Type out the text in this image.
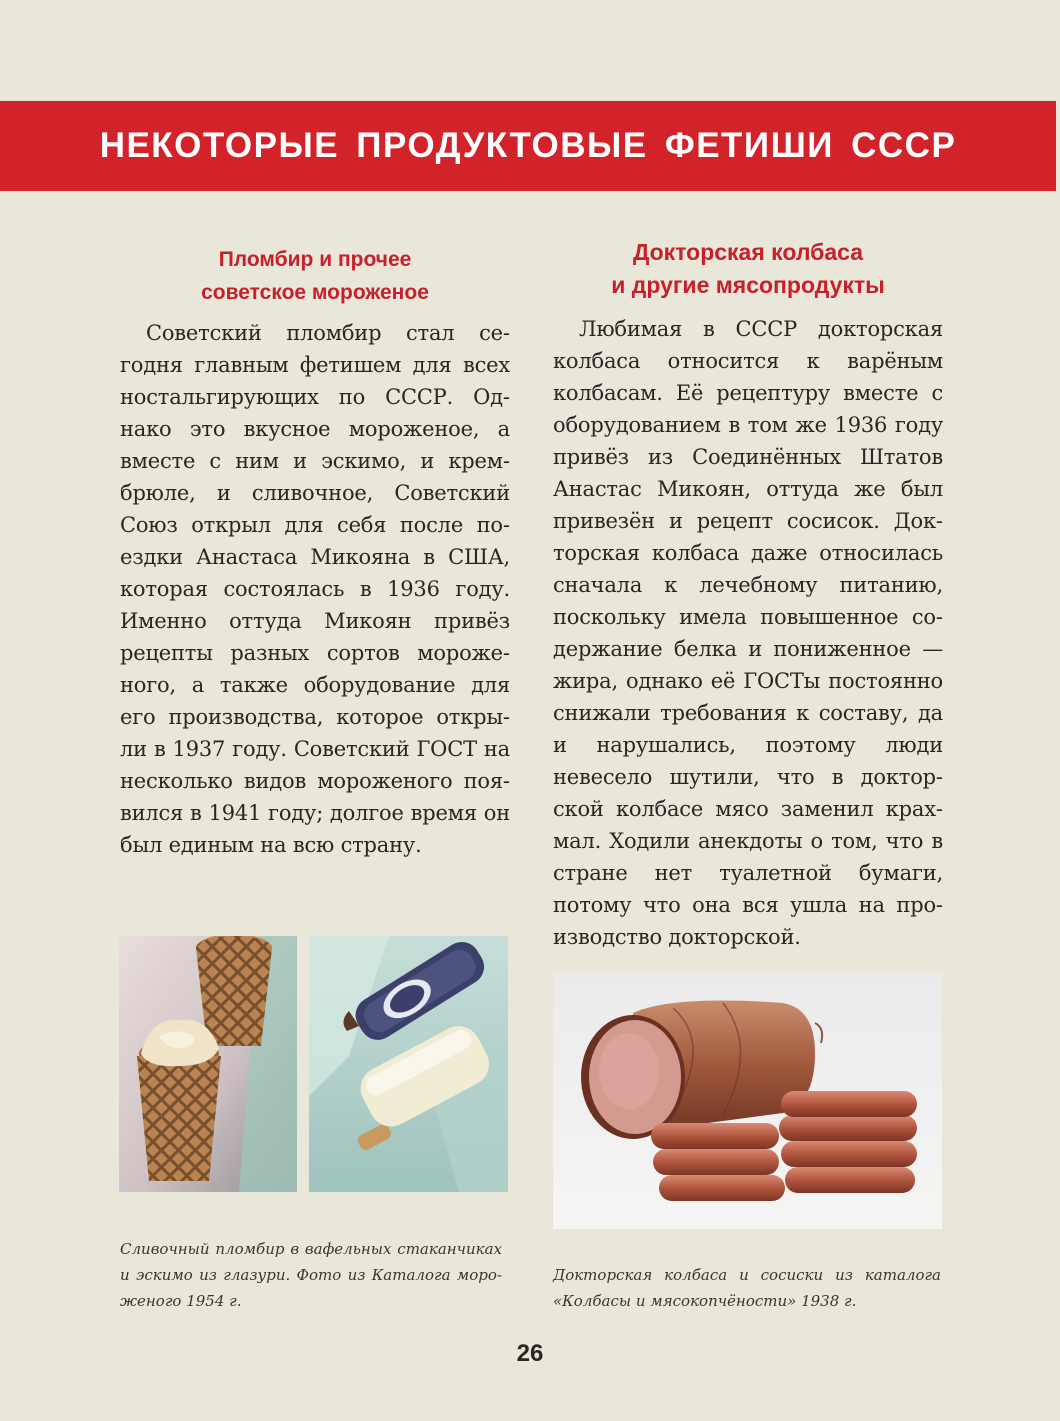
НЕКОТОРЫЕ ПРОДУКТОВЫЕ ФЕТИШИ СССР

Пломбир и прочее
советское мороженое

Советский пломбир стал сегодня главным фетишем для всех ностальгирующих по СССР. Однако это вкусное мороженое, а вместе с ним и эскимо, и крембрюле, и сливочное, Советский Союз открыл для себя после поездки Анастаса Микояна в США, которая состоялась в 1936 году. Именно оттуда Микоян привёз рецепты разных сортов мороженого, а также оборудование для его производства, которое открыли в 1937 году. Советский ГОСТ на несколько видов мороженого появился в 1941 году; долгое время он был единым на всю страну.

Докторская колбаса
и другие мясопродукты

Любимая в СССР докторская колбаса относится к варёным колбасам. Её рецептуру вместе с оборудованием в том же 1936 году привёз из Соединённых Штатов Анастас Микоян, оттуда же был привезён и рецепт сосисок. Докторская колбаса даже относилась сначала к лечебному питанию, поскольку имела повышенное содержание белка и пониженное — жира, однако её ГОСТы постоянно снижали требования к составу, да и нарушались, поэтому люди невесело шутили, что в докторской колбасе мясо заменил крахмал. Ходили анекдоты о том, что в стране нет туалетной бумаги, потому что она вся ушла на производство докторской.

Сливочный пломбир в вафельных стаканчиках и эскимо из глазури. Фото из Каталога мороженого 1954 г.
Докторская колбаса и сосиски из каталога «Колбасы и мясокопчёности» 1938 г.
26
